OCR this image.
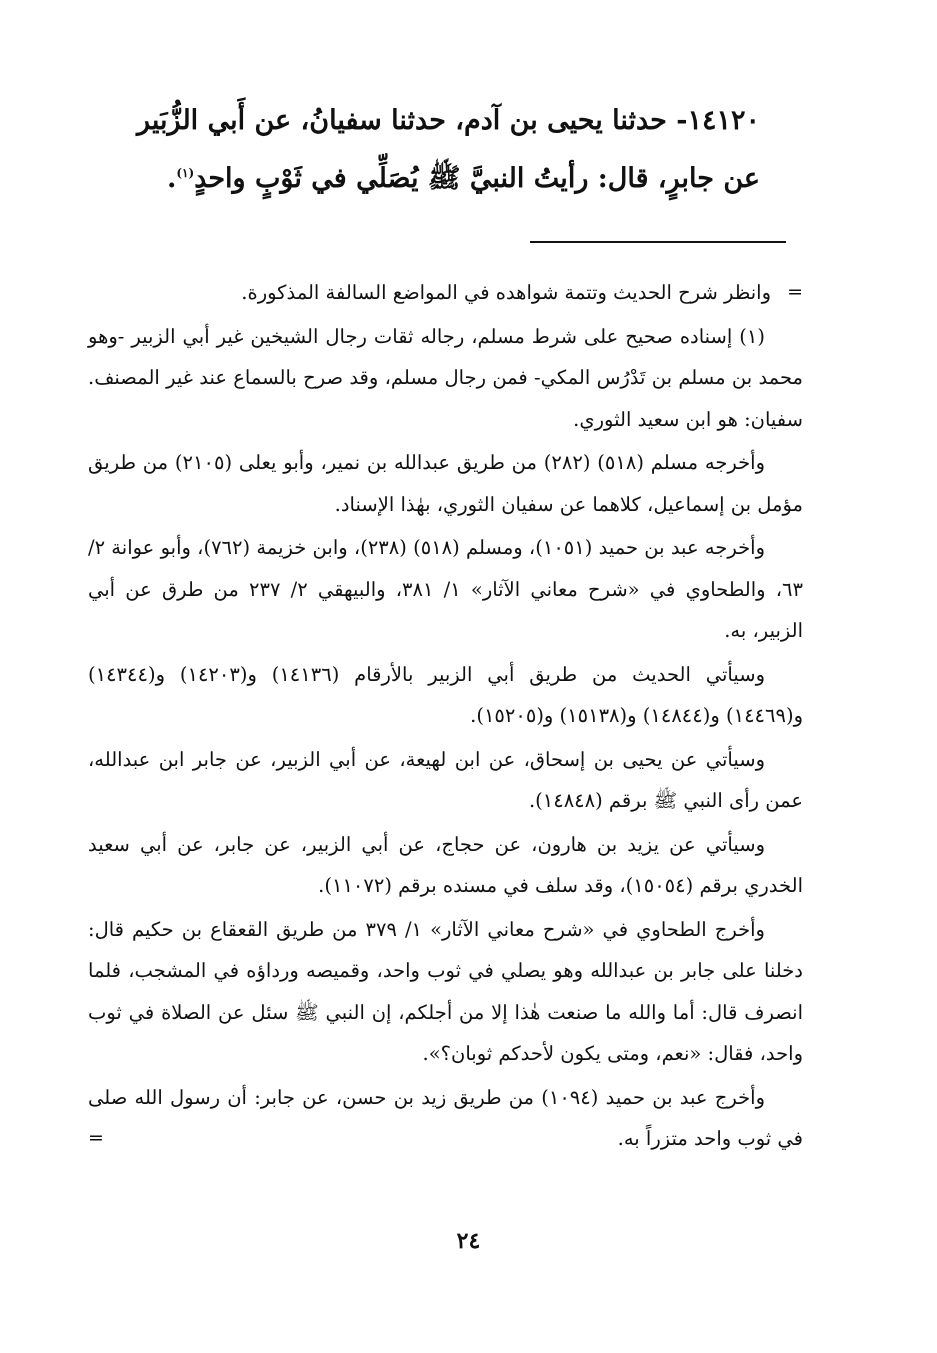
١٤١٢٠- حدثنا يحيى بن آدم، حدثنا سفيانُ، عن أَبي الزُّبَير

عن جابرٍ، قال: رأيتُ النبيَّ ﷺ يُصَلِّي في ثَوْبٍ واحدٍ$^{(١)}$.

=
وانظر شرح الحديث وتتمة شواهده في المواضع السالفة المذكورة.

(١) إسناده صحيح على شرط مسلم، رجاله ثقات رجال الشيخين غير أبي الزبير -وهو محمد بن مسلم بن تَدْرُس المكي- فمن رجال مسلم، وقد صرح بالسماع عند غير المصنف. سفيان: هو ابن سعيد الثوري.

وأخرجه مسلم (٥١٨) (٢٨٢) من طريق عبدالله بن نمير، وأبو يعلى (٢١٠٥) من طريق مؤمل بن إسماعيل، كلاهما عن سفيان الثوري، بهٰذا الإسناد.

وأخرجه عبد بن حميد (١٠٥١)، ومسلم (٥١٨) (٢٣٨)، وابن خزيمة (٧٦٢)، وأبو عوانة ٢/ ٦٣، والطحاوي في «شرح معاني الآثار» ١/ ٣٨١، والبيهقي ٢/ ٢٣٧ من طرق عن أبي الزبير، به.

وسيأتي الحديث من طريق أبي الزبير بالأرقام (١٤١٣٦) و(١٤٢٠٣) و(١٤٣٤٤) و(١٤٤٦٩) و(١٤٨٤٤) و(١٥١٣٨) و(١٥٢٠٥).

وسيأتي عن يحيى بن إسحاق، عن ابن لهيعة، عن أبي الزبير، عن جابر ابن عبدالله، عمن رأى النبي ﷺ برقم (١٤٨٤٨).

وسيأتي عن يزيد بن هارون، عن حجاج، عن أبي الزبير، عن جابر، عن أبي سعيد الخدري برقم (١٥٠٥٤)، وقد سلف في مسنده برقم (١١٠٧٢).

وأخرج الطحاوي في «شرح معاني الآثار» ١/ ٣٧٩ من طريق القعقاع بن حكيم قال: دخلنا على جابر بن عبدالله وهو يصلي في ثوب واحد، وقميصه ورداؤه في المشجب، فلما انصرف قال: أما والله ما صنعت هٰذا إلا من أجلكم، إن النبي ﷺ سئل عن الصلاة في ثوب واحد، فقال: «نعم، ومتى يكون لأحدكم ثوبان؟».

وأخرج عبد بن حميد (١٠٩٤) من طريق زيد بن حسن، عن جابر: أن رسول الله صلى في ثوب واحد متزراً به.
=

٢٤
